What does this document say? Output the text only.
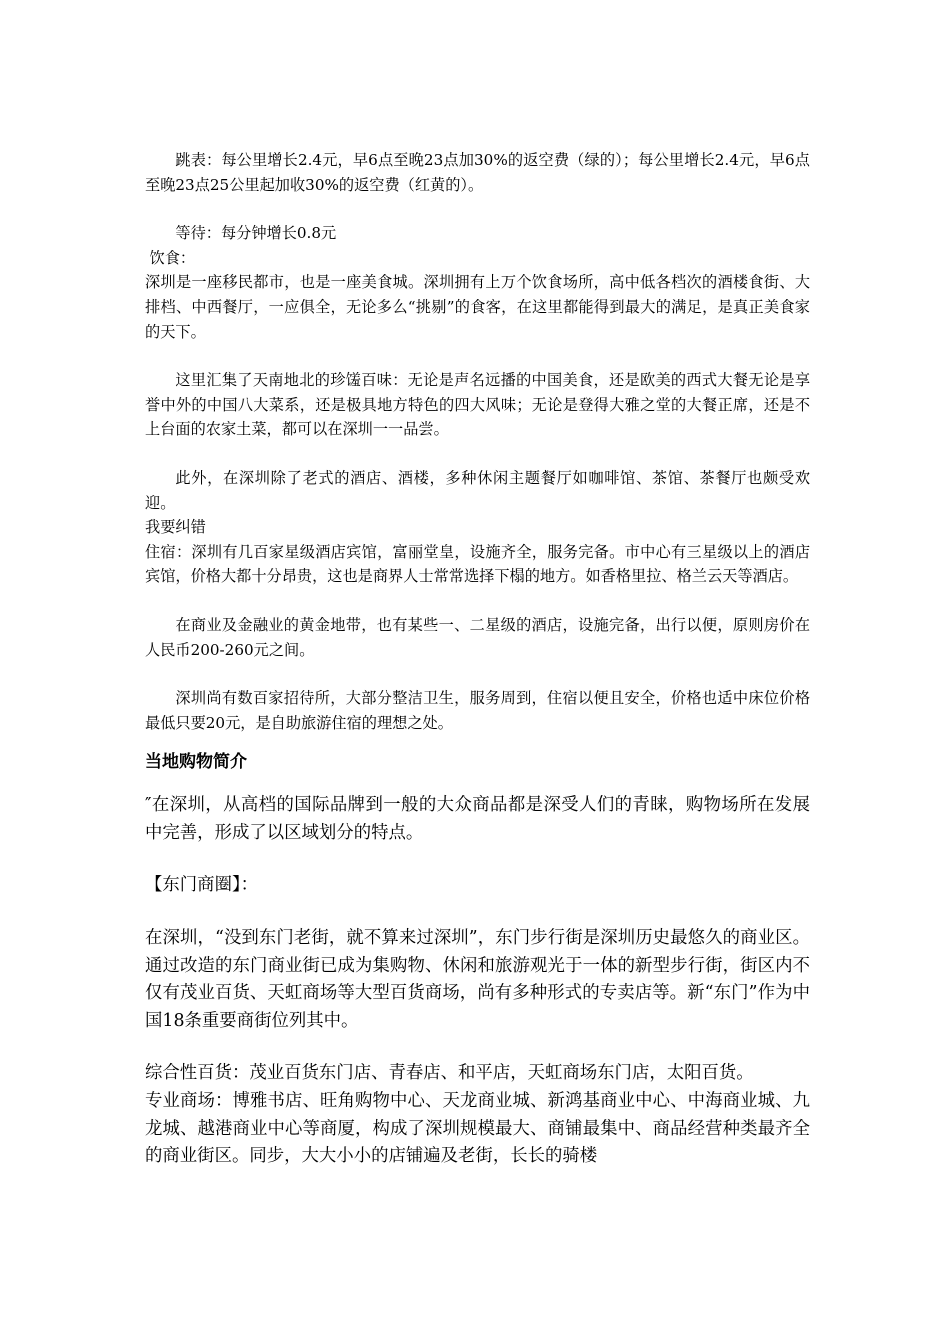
跳表：每公里增长2.4元，早6点至晚23点加30%的返空费（绿的）；每公里增长2.4元，早6点至晚23点25公里起加收30%的返空费（红黄的）。

等待：每分钟增长0.8元

饮食：

深圳是一座移民都市，也是一座美食城。深圳拥有上万个饮食场所，高中低各档次的酒楼食街、大排档、中西餐厅，一应俱全，无论多么“挑剔”的食客，在这里都能得到最大的满足，是真正美食家的天下。

这里汇集了天南地北的珍馐百味：无论是声名远播的中国美食，还是欧美的西式大餐无论是享誉中外的中国八大菜系，还是极具地方特色的四大风味；无论是登得大雅之堂的大餐正席，还是不上台面的农家土菜，都可以在深圳一一品尝。

此外，在深圳除了老式的酒店、酒楼，多种休闲主题餐厅如咖啡馆、茶馆、茶餐厅也颇受欢迎。

我要纠错

住宿：深圳有几百家星级酒店宾馆，富丽堂皇，设施齐全，服务完备。市中心有三星级以上的酒店宾馆，价格大都十分昂贵，这也是商界人士常常选择下榻的地方。如香格里拉、格兰云天等酒店。

在商业及金融业的黄金地带，也有某些一、二星级的酒店，设施完备，出行以便，原则房价在人民币200-260元之间。

深圳尚有数百家招待所，大部分整洁卫生，服务周到，住宿以便且安全，价格也适中床位价格最低只要20元，是自助旅游住宿的理想之处。

当地购物简介

″在深圳，从高档的国际品牌到一般的大众商品都是深受人们的青睐，购物场所在发展中完善，形成了以区域划分的特点。

【东门商圈】：

在深圳，“没到东门老街，就不算来过深圳”，东门步行街是深圳历史最悠久的商业区。通过改造的东门商业街已成为集购物、休闲和旅游观光于一体的新型步行街，街区内不仅有茂业百货、天虹商场等大型百货商场，尚有多种形式的专卖店等。新“东门”作为中国18条重要商街位列其中。

综合性百货：茂业百货东门店、青春店、和平店，天虹商场东门店，太阳百货。

专业商场：博雅书店、旺角购物中心、天龙商业城、新鸿基商业中心、中海商业城、九龙城、越港商业中心等商厦，构成了深圳规模最大、商铺最集中、商品经营种类最齐全的商业街区。同步，大大小小的店铺遍及老街，长长的骑楼
